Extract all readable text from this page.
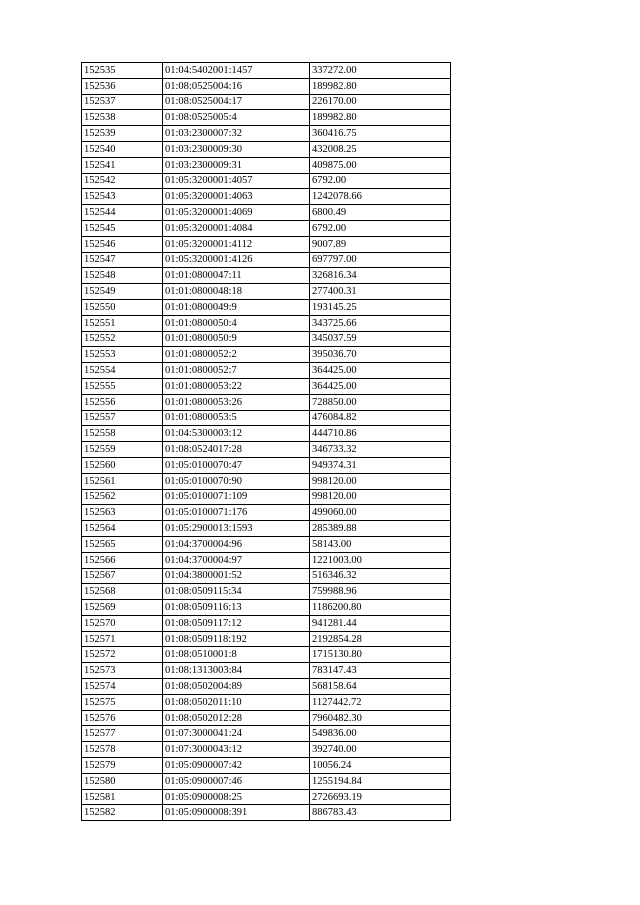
152535	01:04:5402001:1457	337272.00
152536	01:08:0525004:16	189982.80
152537	01:08:0525004:17	226170.00
152538	01:08:0525005:4	189982.80
152539	01:03:2300007:32	360416.75
152540	01:03:2300009:30	432008.25
152541	01:03:2300009:31	409875.00
152542	01:05:3200001:4057	6792.00
152543	01:05:3200001:4063	1242078.66
152544	01:05:3200001:4069	6800.49
152545	01:05:3200001:4084	6792.00
152546	01:05:3200001:4112	9007.89
152547	01:05:3200001:4126	697797.00
152548	01:01:0800047:11	326816.34
152549	01:01:0800048:18	277400.31
152550	01:01:0800049:9	193145.25
152551	01:01:0800050:4	343725.66
152552	01:01:0800050:9	345037.59
152553	01:01:0800052:2	395036.70
152554	01:01:0800052:7	364425.00
152555	01:01:0800053:22	364425.00
152556	01:01:0800053:26	728850.00
152557	01:01:0800053:5	476084.82
152558	01:04:5300003:12	444710.86
152559	01:08:0524017:28	346733.32
152560	01:05:0100070:47	949374.31
152561	01:05:0100070:90	998120.00
152562	01:05:0100071:109	998120.00
152563	01:05:0100071:176	499060.00
152564	01:05:2900013:1593	285389.88
152565	01:04:3700004:96	58143.00
152566	01:04:3700004:97	1221003.00
152567	01:04:3800001:52	516346.32
152568	01:08:0509115:34	759988.96
152569	01:08:0509116:13	1186200.80
152570	01:08:0509117:12	941281.44
152571	01:08:0509118:192	2192854.28
152572	01:08:0510001:8	1715130.80
152573	01:08:1313003:84	783147.43
152574	01:08:0502004:89	568158.64
152575	01:08:0502011:10	1127442.72
152576	01:08:0502012:28	7960482.30
152577	01:07:3000041:24	549836.00
152578	01:07:3000043:12	392740.00
152579	01:05:0900007:42	10056.24
152580	01:05:0900007:46	1255194.84
152581	01:05:0900008:25	2726693.19
152582	01:05:0900008:391	886783.43
